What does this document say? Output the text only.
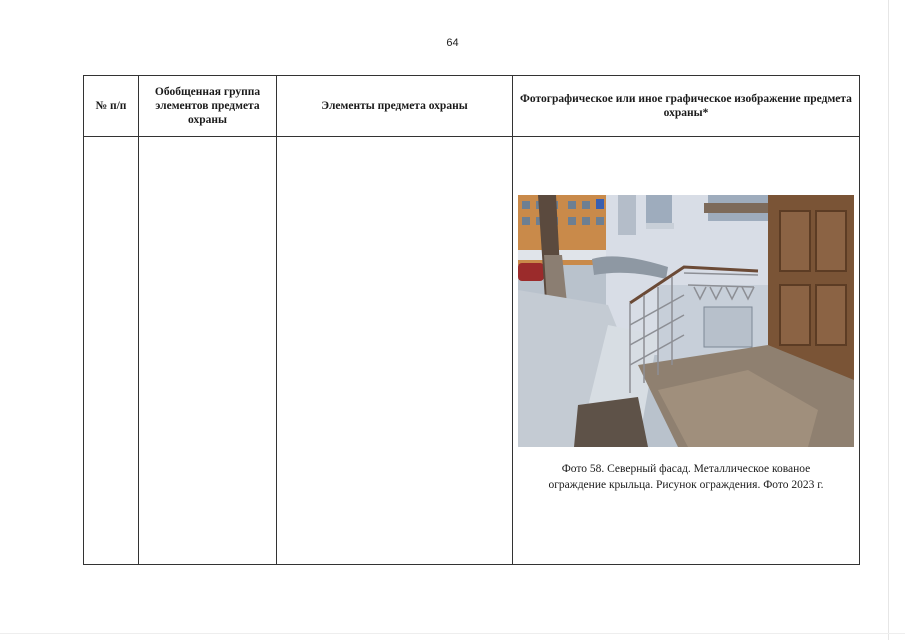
64
№ п/п	Обобщенная группа элементов предмета охраны	Элементы предмета охраны	Фотографическое или иное графическое изображение предмета охраны*

			Фото 58. Северный фасад. Металлическое кованое
ограждение крыльца. Рисунок ограждения. Фото 2023 г.
